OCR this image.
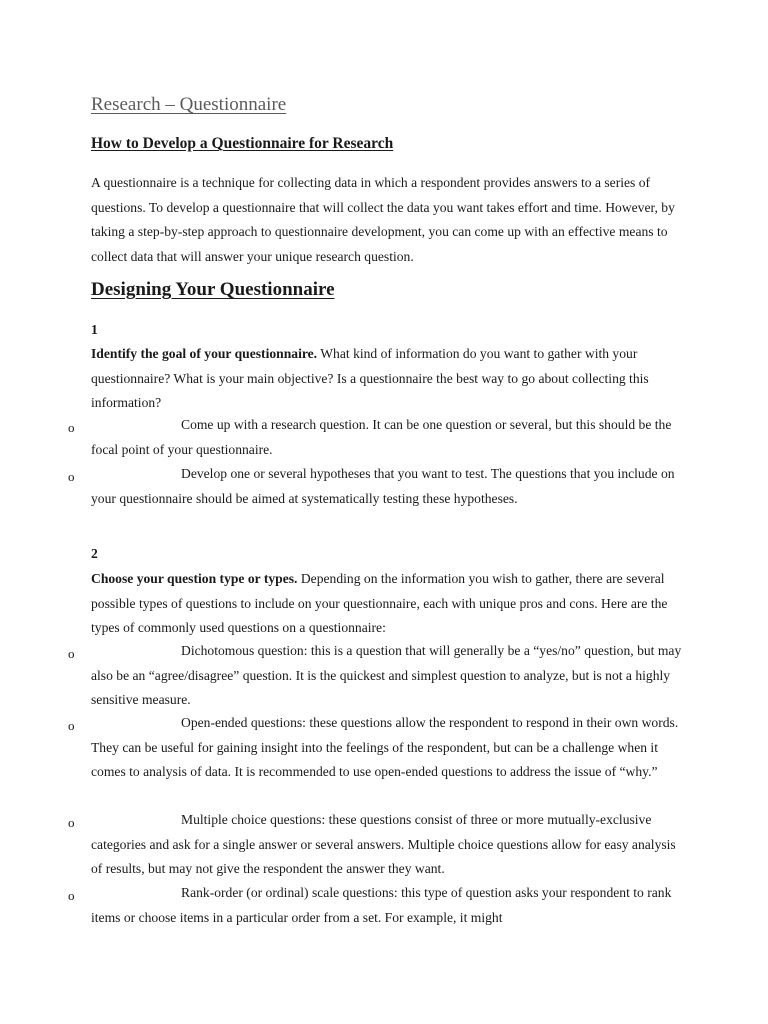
Research – Questionnaire
How to Develop a Questionnaire for Research
A questionnaire is a technique for collecting data in which a respondent provides answers to a series of questions. To develop a questionnaire that will collect the data you want takes effort and time. However, by taking a step-by-step approach to questionnaire development, you can come up with an effective means to collect data that will answer your unique research question.
Designing Your Questionnaire
1
Identify the goal of your questionnaire. What kind of information do you want to gather with your questionnaire? What is your main objective? Is a questionnaire the best way to go about collecting this information?
o	Come up with a research question. It can be one question or several, but this should be the focal point of your questionnaire.
o	Develop one or several hypotheses that you want to test. The questions that you include on your questionnaire should be aimed at systematically testing these hypotheses.
2
Choose your question type or types. Depending on the information you wish to gather, there are several possible types of questions to include on your questionnaire, each with unique pros and cons. Here are the types of commonly used questions on a questionnaire:
o	Dichotomous question: this is a question that will generally be a “yes/no” question, but may also be an “agree/disagree” question. It is the quickest and simplest question to analyze, but is not a highly sensitive measure.
o	Open-ended questions: these questions allow the respondent to respond in their own words. They can be useful for gaining insight into the feelings of the respondent, but can be a challenge when it comes to analysis of data. It is recommended to use open-ended questions to address the issue of “why.”
o	Multiple choice questions: these questions consist of three or more mutually-exclusive categories and ask for a single answer or several answers. Multiple choice questions allow for easy analysis of results, but may not give the respondent the answer they want.
o	Rank-order (or ordinal) scale questions: this type of question asks your respondent to rank items or choose items in a particular order from a set. For example, it might
